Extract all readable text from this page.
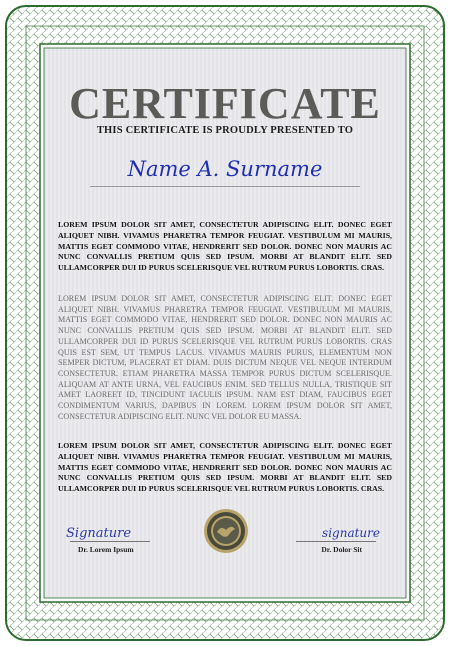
CERTIFICATE
THIS CERTIFICATE IS PROUDLY PRESENTED TO
Name A. Surname
LOREM IPSUM DOLOR SIT AMET, CONSECTETUR ADIPISCING ELIT. DONEC EGET ALIQUET NIBH. VIVAMUS PHARETRA TEMPOR FEUGIAT. VESTIBULUM MI MAURIS, MATTIS EGET COMMODO VITAE, HENDRERIT SED DOLOR. DONEC NON MAURIS AC NUNC CONVALLIS PRETIUM QUIS SED IPSUM. MORBI AT BLANDIT ELIT. SED ULLAMCORPER DUI ID PURUS SCELERISQUE VEL RUTRUM PURUS LOBORTIS. CRAS.
LOREM IPSUM DOLOR SIT AMET, CONSECTETUR ADIPISCING ELIT. DONEC EGET ALIQUET NIBH. VIVAMUS PHARETRA TEMPOR FEUGIAT. VESTIBULUM MI MAURIS, MATTIS EGET COMMODO VITAE, HENDRERIT SED DOLOR. DONEC NON MAURIS AC NUNC CONVALLIS PRETIUM QUIS SED IPSUM. MORBI AT BLANDIT ELIT. SED ULLAMCORPER DUI ID PURUS SCELERISQUE VEL RUTRUM PURUS LOBORTIS. CRAS QUIS EST SEM, UT TEMPUS LACUS. VIVAMUS MAURIS PURUS, ELEMENTUM NON SEMPER DICTUM, PLACERAT ET DIAM. DUIS DICTUM NEQUE VEL NEQUE INTERDUM CONSECTETUR. ETIAM PHARETRA MASSA TEMPOR PURUS DICTUM SCELERISQUE. ALIQUAM AT ANTE URNA, VEL FAUCIBUS ENIM. SED TELLUS NULLA, TRISTIQUE SIT AMET LAOREET ID, TINCIDUNT IACULIS IPSUM. NAM EST DIAM, FAUCIBUS EGET CONDIMENTUM VARIUS, DAPIBUS IN LOREM. LOREM IPSUM DOLOR SIT AMET, CONSECTETUR ADIPISCING ELIT. NUNC VEL DOLOR EU MASSA.
LOREM IPSUM DOLOR SIT AMET, CONSECTETUR ADIPISCING ELIT. DONEC EGET ALIQUET NIBH. VIVAMUS PHARETRA TEMPOR FEUGIAT. VESTIBULUM MI MAURIS, MATTIS EGET COMMODO VITAE, HENDRERIT SED DOLOR. DONEC NON MAURIS AC NUNC CONVALLIS PRETIUM QUIS SED IPSUM. MORBI AT BLANDIT ELIT. SED ULLAMCORPER DUI ID PURUS SCELERISQUE VEL RUTRUM PURUS LOBORTIS. CRAS.
Signature
Dr. Lorem Ipsum
signature
Dr. Dolor Sit
